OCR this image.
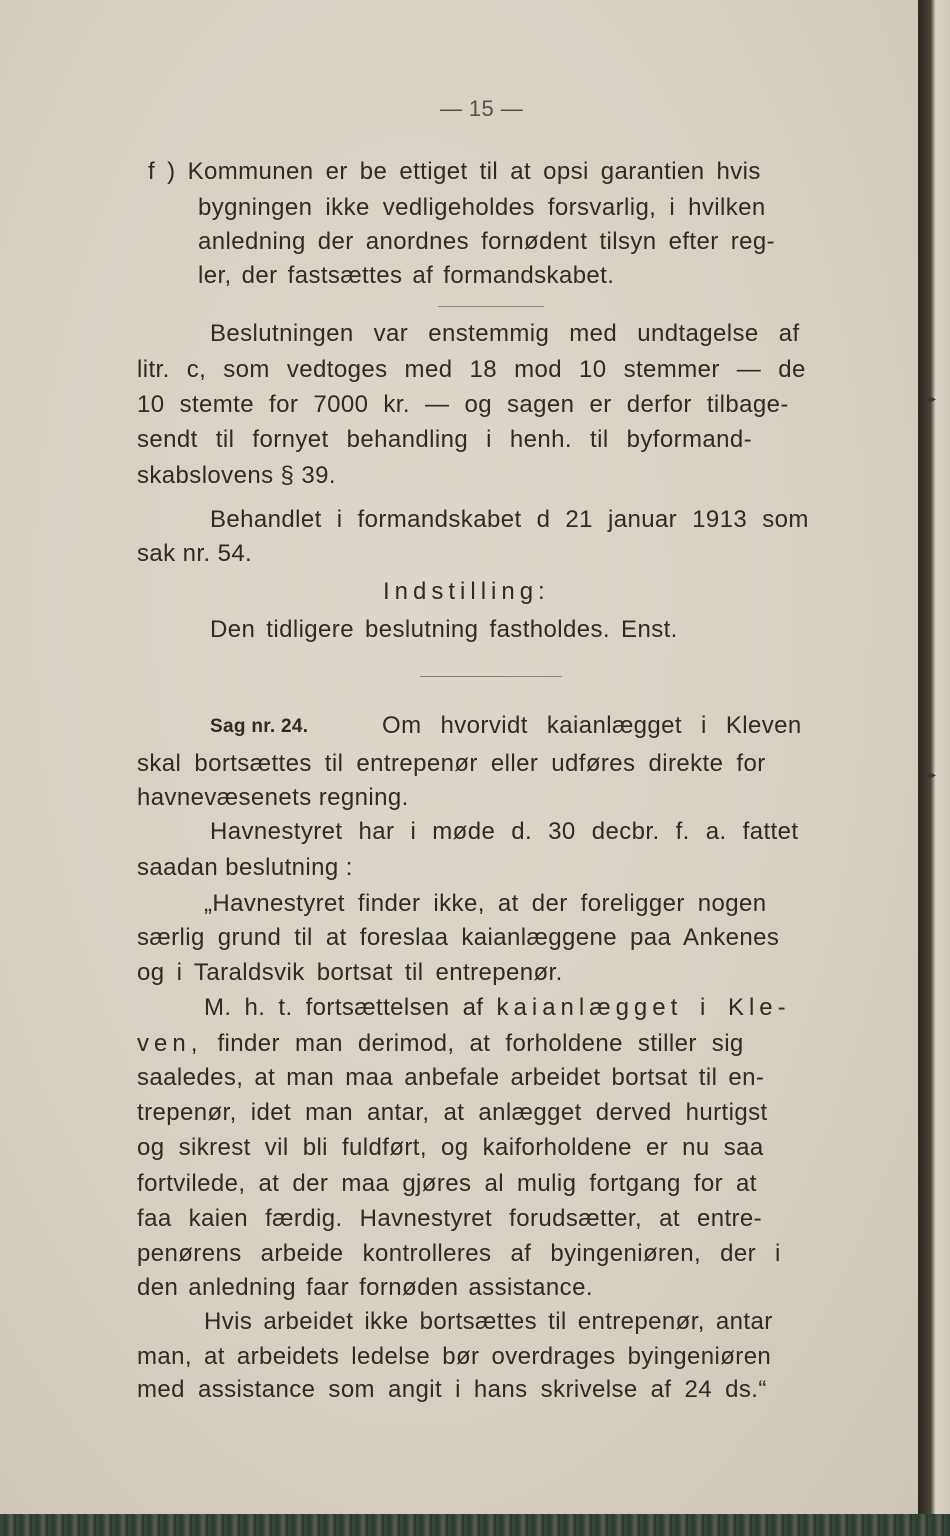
— 15 —
f ) Kommunen er be ettiget til at opsi garantien hvis
bygningen ikke vedligeholdes forsvarlig, i hvilken
anledning der anordnes fornødent tilsyn efter reg-
ler, der fastsættes af formandskabet.
Beslutningen var enstemmig med undtagelse af
litr. c, som vedtoges med 18 mod 10 stemmer — de
10 stemte for 7000 kr. — og sagen er derfor tilbage-
sendt til fornyet behandling i henh. til byformand-
skabslovens § 39.
Behandlet i formandskabet d 21 januar 1913 som
sak nr. 54.
Indstilling:
Den tidligere beslutning fastholdes. Enst.
Sag nr. 24.	Om hvorvidt kaianlægget i Kleven
skal bortsættes til entrepenør eller udføres direkte for
havnevæsenets regning.
Havnestyret har i møde d. 30 decbr. f. a. fattet
saadan beslutning :
„Havnestyret finder ikke, at der foreligger nogen
særlig grund til at foreslaa kaianlæggene paa Ankenes
og i Taraldsvik bortsat til entrepenør.
M. h. t. fortsættelsen af kaianlægget i Kle-
ven, finder man derimod, at forholdene stiller sig
saaledes, at man maa anbefale arbeidet bortsat til en-
trepenør, idet man antar, at anlægget derved hurtigst
og sikrest vil bli fuldført, og kaiforholdene er nu saa
fortvilede, at der maa gjøres al mulig fortgang for at
faa kaien færdig. Havnestyret forudsætter, at entre-
penørens arbeide kontrolleres af byingeniøren, der i
den anledning faar fornøden assistance.
Hvis arbeidet ikke bortsættes til entrepenør, antar
man, at arbeidets ledelse bør overdrages byingeniøren
med assistance som angit i hans skrivelse af 24 ds.“
▸▸
▸▸
